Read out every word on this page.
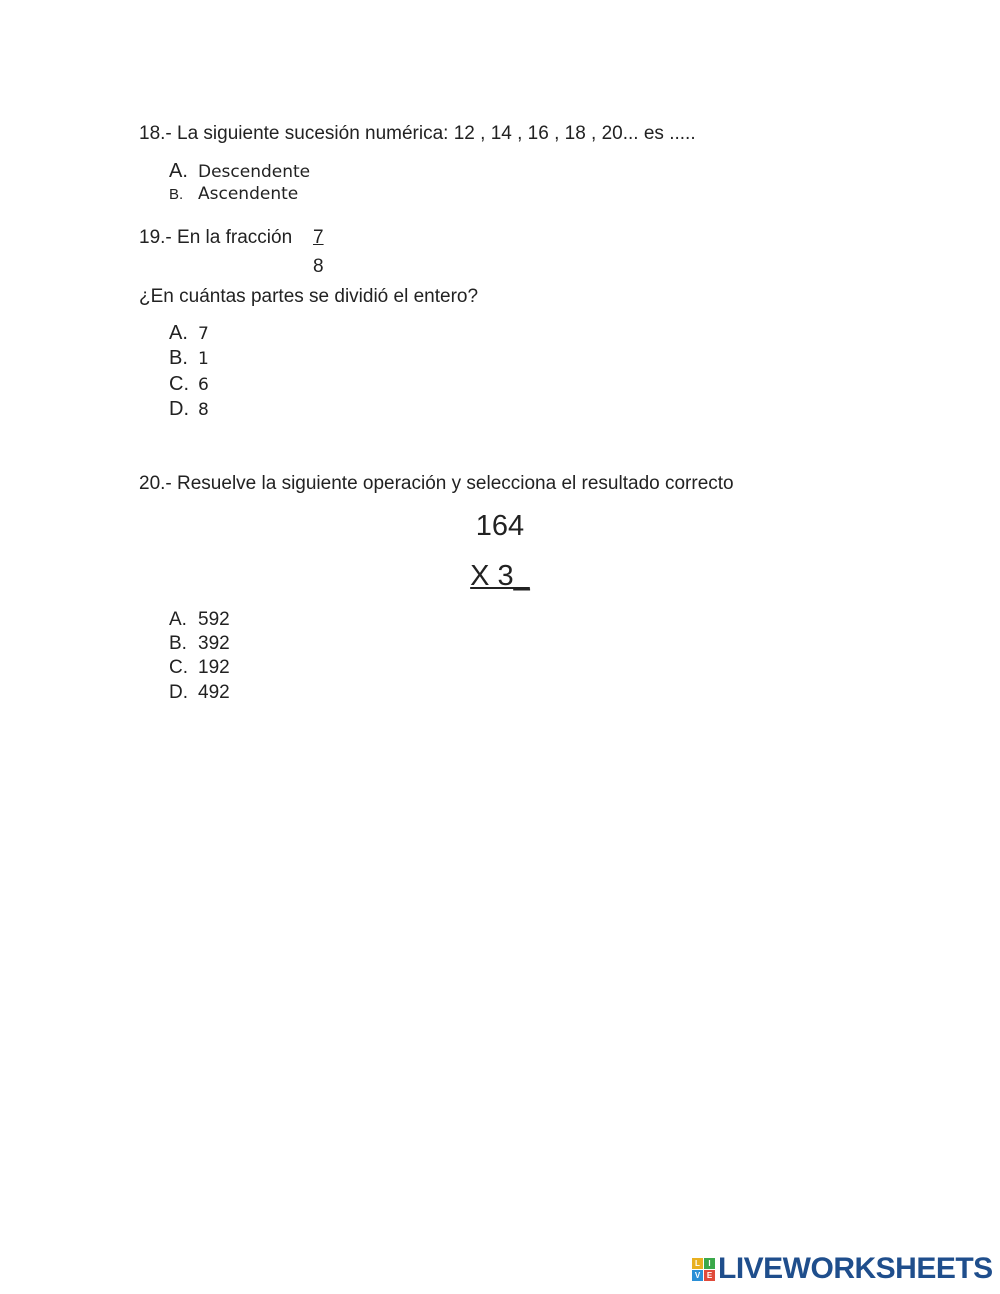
18.- La siguiente sucesión numérica: 12 , 14 , 16 , 18 , 20... es .....
A. Descendente
B. Ascendente
19.- En la fracción 7
8
¿En cuántas partes se dividió el entero?
A. 7
B. 1
C. 6
D. 8
20.- Resuelve la siguiente operación y selecciona el resultado correcto
164
X 3_
A. 592
B. 392
C. 192
D. 492
L	I
V E LIVEWORKSHEETS
